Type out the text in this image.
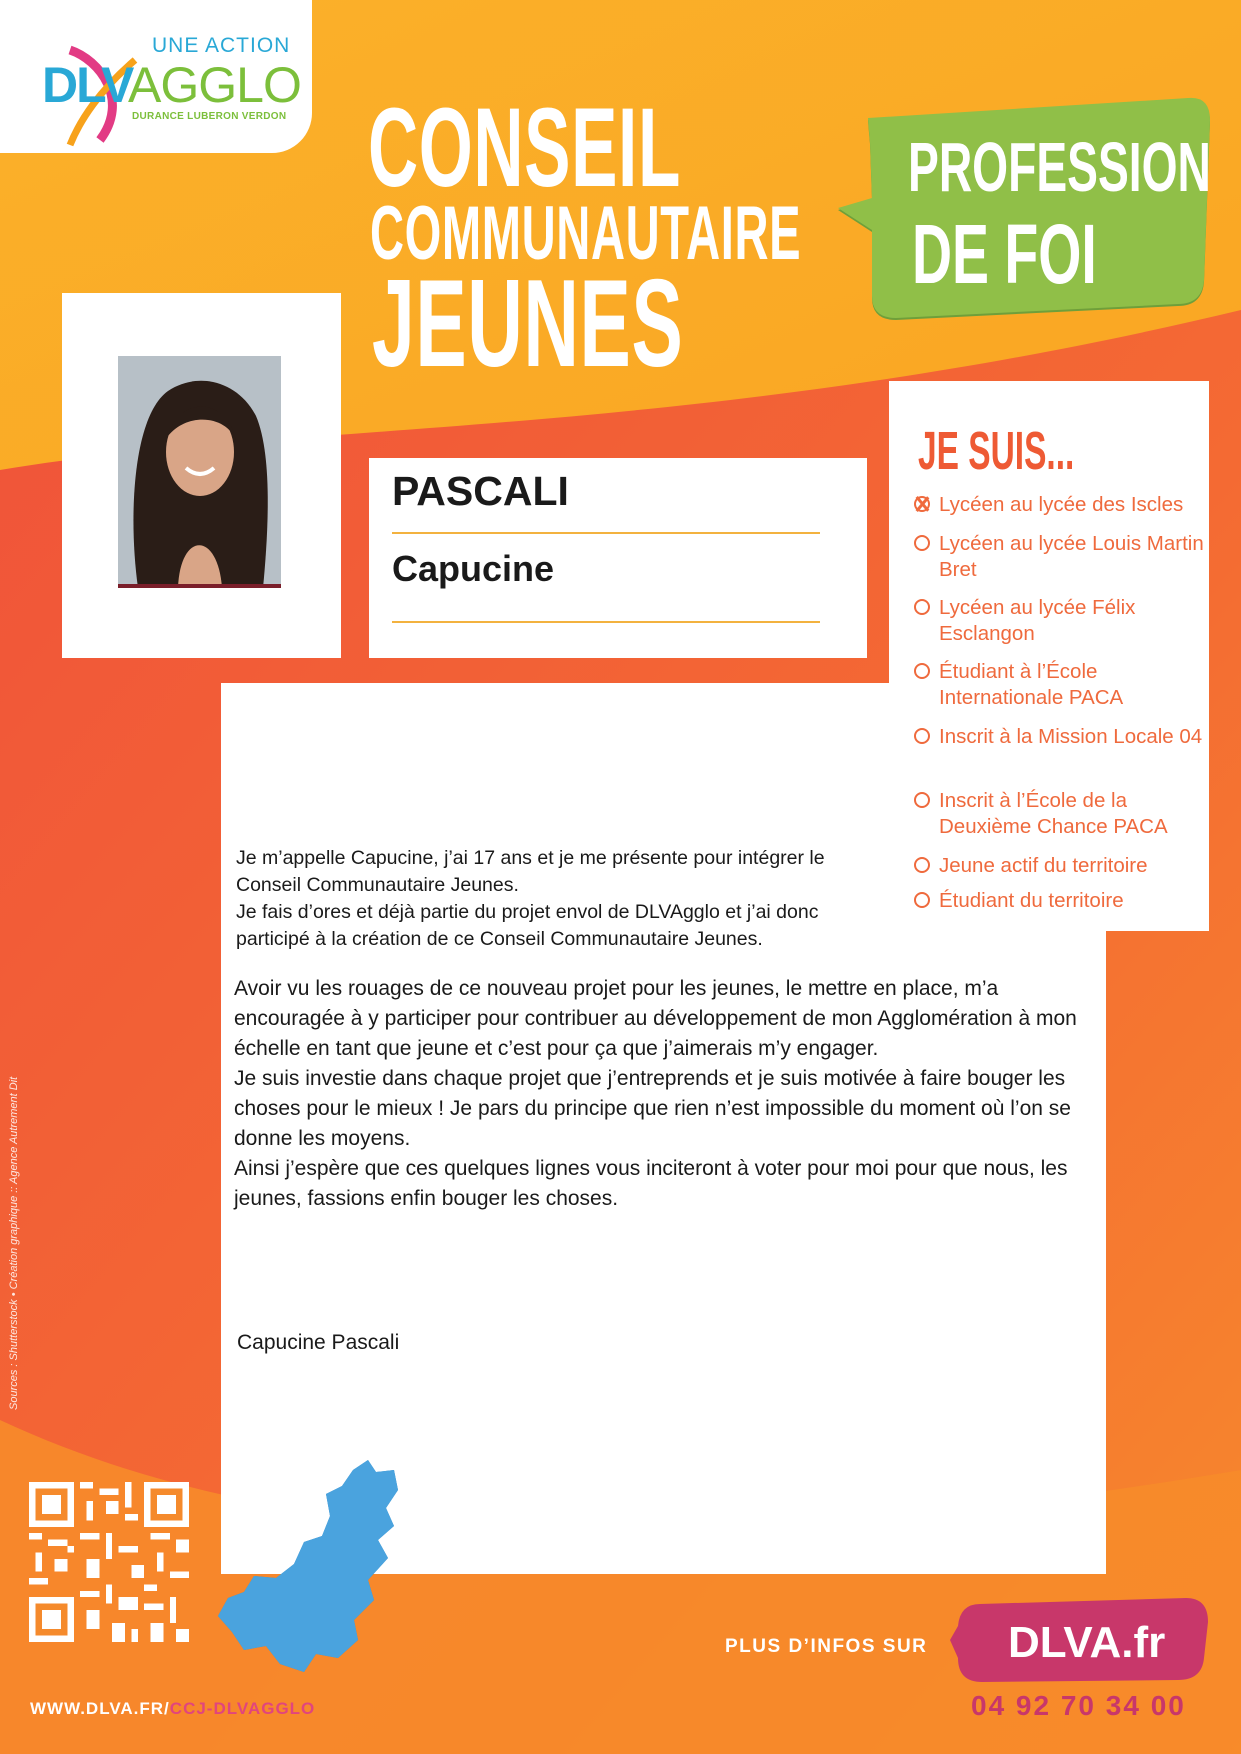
UNE ACTION
DLV
AGGLO
DURANCE LUBERON VERDON CONSEIL
COMMUNAUTAIRE
JEUNES
PROFESSION
DE FOI
PASCALI
Capucine
JE SUIS...
Lycéen au lycée des Iscles
Lycéen au lycée Louis Martin Bret
Lycéen au lycée Félix Esclangon
Étudiant à l’École Internationale PACA
Inscrit à la Mission Locale 04
Inscrit à l’École de la Deuxième Chance PACA
Jeune actif du territoire
Étudiant du territoire
Je m’appelle Capucine, j’ai 17 ans et je me présente pour intégrer le Conseil Communautaire Jeunes.
Je fais d’ores et déjà partie du projet envol de DLVAgglo et j’ai donc participé à la création de ce Conseil Communautaire Jeunes.
Avoir vu les rouages de ce nouveau projet pour les jeunes, le mettre en place, m’a encouragée à y participer pour contribuer au développement de mon Agglomération à mon échelle en tant que jeune et c’est pour ça que j’aimerais m’y engager.
Je suis investie dans chaque projet que j’entreprends et je suis motivée à faire bouger les choses pour le mieux ! Je pars du principe que rien n’est impossible du moment où l’on se donne les moyens.
Ainsi j’espère que ces quelques lignes vous inciteront à voter pour moi pour que nous, les jeunes, fassions enfin bouger les choses.
Capucine Pascali
Sources : Shutterstock • Création graphique :: Agence Autrement Dit
WWW.DLVA.FR/CCJ-DLVAGGLO
PLUS D’INFOS SUR DLVA.fr
04 92 70 34 00
